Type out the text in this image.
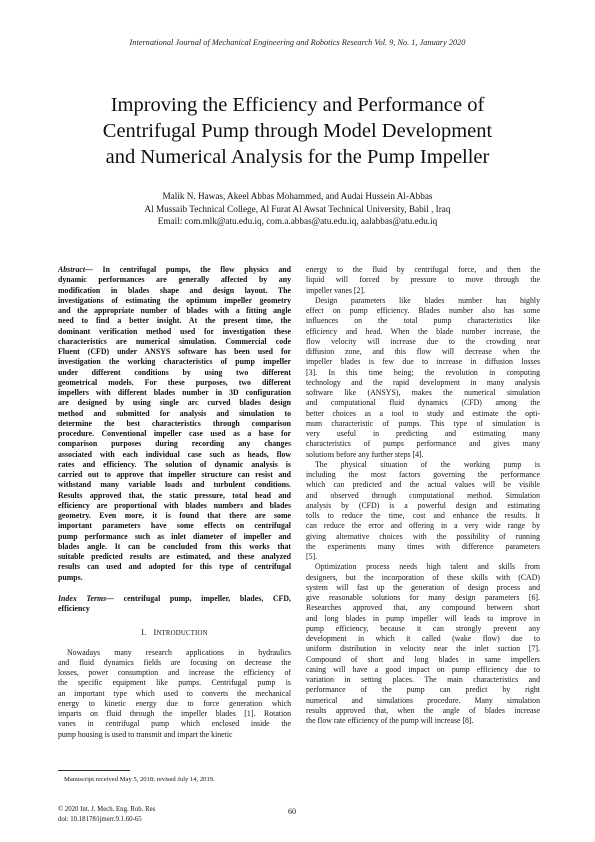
International Journal of Mechanical Engineering and Robotics Research Vol. 9, No. 1, January 2020
Improving the Efficiency and Performance of
Centrifugal Pump through Model Development
and Numerical Analysis for the Pump Impeller
Malik N. Hawas, Akeel Abbas Mohammed, and Audai Hussein Al-Abbas
Al Mussaib Technical College, Al Furat Al Awsat Technical University, Babil , Iraq
Email: com.mlk@atu.edu.iq, com.a.abbas@atu.edu.iq, aalabbas@atu.edu.iq
Abstract— In centrifugal pumps, the flow physics and
dynamic performances are generally affected by any
modification in blades shape and design layout. The
investigations of estimating the optimum impeller geometry
and the appropriate number of blades with a fitting angle
need to find a better insight. At the present time, the
dominant verification method used for investigation these
characteristics are numerical simulation. Commercial code
Fluent (CFD) under ANSYS software has been used for
investigation the working characteristics of pump impeller
under different conditions by using two different
geometrical models. For these purposes, two different
impellers with different blades number in 3D configuration
are designed by using single arc curved blades design
method and submitted for analysis and simulation to
determine the best characteristics through comparison
procedure. Conventional impeller case used as a base for
comparison purposes during recording any changes
associated with each individual case such as heads, flow
rates and efficiency. The solution of dynamic analysis is
carried out to approve that impeller structure can resist and
withstand many variable loads and turbulent conditions.
Results approved that, the static pressure, total head and
efficiency are proportional with blades numbers and blades
geometry. Even more, it is found that there are some
important parameters have some effects on centrifugal
pump performance such as inlet diameter of impeller and
blades angle. It can be concluded from this works that
suitable predicted results are estimated, and these analyzed
results can used and adopted for this type of centrifugal
pumps.
Index Terms— centrifugal pump, impeller, blades, CFD,
efficiency
I. INTRODUCTION
Nowadays many research applications in hydraulics
and fluid dynamics fields are focusing on decrease the
losses, power consumption and increase the efficiency of
the specific equipment like pumps. Centrifugal pump is
an important type which used to converts the mechanical
energy to kinetic energy due to force generation which
imparts on fluid through the impeller blades [1]. Rotation
vanes in centrifugal pump which enclosed inside the
pump housing is used to transmit and impart the kinetic
energy to the fluid by centrifugal force, and then the
liquid will forced by pressure to move through the
impeller vanes [2].
Design parameters like blades number has highly
effect on pump efficiency. Blades number also has some
influences on the total pump characteristics like
efficiency and head. When the blade number increase, the
flow velocity will increase due to the crowding near
diffusion zone, and this flow will decrease when the
impeller blades is few due to increase in diffusion losses
[3]. In this time being; the revolution in computing
technology and the rapid development in many analysis
software like (ANSYS), makes the numerical simulation
and computational fluid dynamics (CFD) among the
better choices as a tool to study and estimate the opti-
mum characteristic of pumps. This type of simulation is
very useful in predicting and estimating many
characteristics of pumps performance and gives many
solutions before any further steps [4].
The physical situation of the working pump is
including the most factors governing the performance
which can predicted and the actual values will be visible
and observed through computational method. Simulation
analysis by (CFD) is a powerful design and estimating
tolls to reduce the time, cost and enhance the results. It
can reduce the error and offering in a very wide range by
giving alternative choices with the possibility of running
the experiments many times with difference parameters
[5].
Optimization process needs high talent and skills from
designers, but the incorporation of these skills with (CAD)
system will fast up the generation of design process and
give reasonable solutions for many design parameters [6].
Researches approved that, any compound between short
and long blades in pump impeller will leads to improve in
pump efficiency, because it can strongly prevent any
development in which it called (wake flow) due to
uniform distribution in velocity near the inlet suction [7].
Compound of short and long blades in same impellers
casing will have a good impact on pump efficiency due to
variation in setting places. The main characteristics and
performance of the pump can predict by right
numerical and simulations procedure. Many simulation
results approved that, when the angle of blades increase
the flow rate efficiency of the pump will increase [8].
Manuscript received May 5, 2018; revised July 14, 2019.
© 2020 Int. J. Mech. Eng. Rob. Res
doi: 10.18178/ijmerr.9.1.60-65
60
